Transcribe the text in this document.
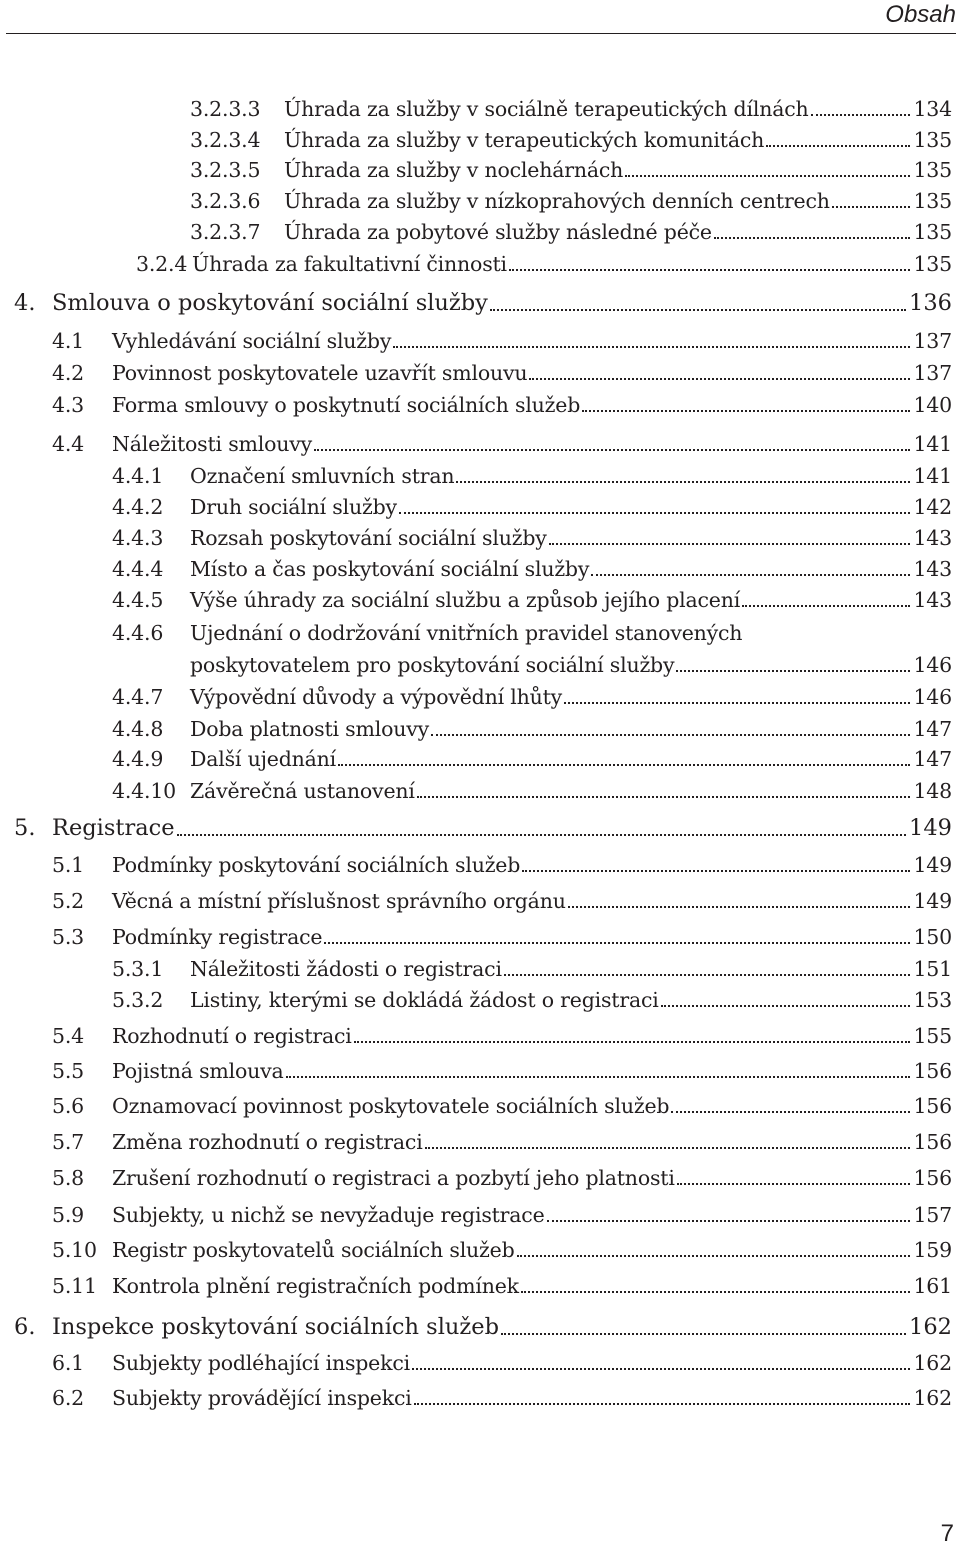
Obsah
3.2.3.3 Úhrada za služby v sociálně terapeutických dílnách	134
3.2.3.4 Úhrada za služby v terapeutických komunitách	135
3.2.3.5 Úhrada za služby v noclehárnách	135
3.2.3.6 Úhrada za služby v nízkoprahových denních centrech	135
3.2.3.7 Úhrada za pobytové služby následné péče	135
3.2.4 Úhrada za fakultativní činnosti	135
4. Smlouva o poskytování sociální služby	136
4.1 Vyhledávání sociální služby	137
4.2 Povinnost poskytovatele uzavřít smlouvu	137
4.3 Forma smlouvy o poskytnutí sociálních služeb	140
4.4 Náležitosti smlouvy	141
4.4.1 Označení smluvních stran	141
4.4.2 Druh sociální služby	142
4.4.3 Rozsah poskytování sociální služby	143
4.4.4 Místo a čas poskytování sociální služby	143
4.4.5 Výše úhrady za sociální službu a způsob jejího placení	143
4.4.6 Ujednání o dodržování vnitřních pravidel stanovených
poskytovatelem pro poskytování sociální služby	146
4.4.7 Výpovědní důvody a výpovědní lhůty	146
4.4.8 Doba platnosti smlouvy	147
4.4.9 Další ujednání	147
4.4.10 Závěrečná ustanovení	148
5. Registrace	149
5.1 Podmínky poskytování sociálních služeb	149
5.2 Věcná a místní příslušnost správního orgánu	149
5.3 Podmínky registrace	150
5.3.1 Náležitosti žádosti o registraci	151
5.3.2 Listiny, kterými se dokládá žádost o registraci	153
5.4 Rozhodnutí o registraci	155
5.5 Pojistná smlouva	156
5.6 Oznamovací povinnost poskytovatele sociálních služeb	156
5.7 Změna rozhodnutí o registraci	156
5.8 Zrušení rozhodnutí o registraci a pozbytí jeho platnosti	156
5.9 Subjekty, u nichž se nevyžaduje registrace	157
5.10 Registr poskytovatelů sociálních služeb	159
5.11 Kontrola plnění registračních podmínek	161
6. Inspekce poskytování sociálních služeb	162
6.1 Subjekty podléhající inspekci	162
6.2 Subjekty provádějící inspekci	162
7
